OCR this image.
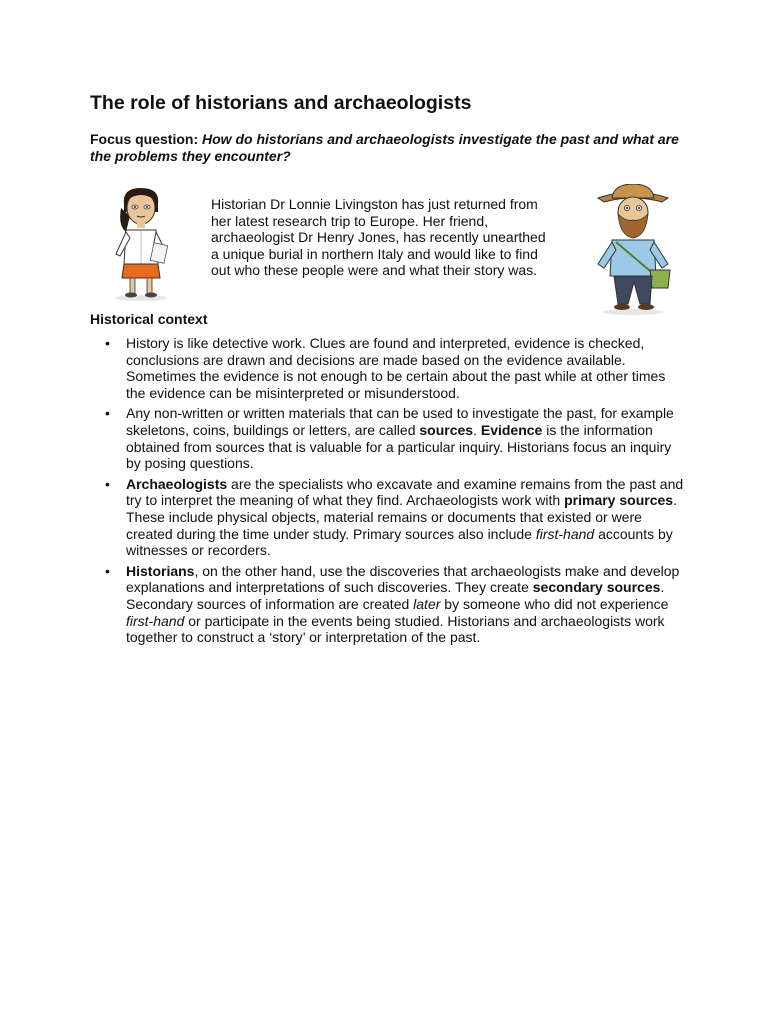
The role of historians and archaeologists

Focus question: How do historians and archaeologists investigate the past and what are
the problems they encounter?

Historian Dr Lonnie Livingston has just returned from
her latest research trip to Europe. Her friend,
archaeologist Dr Henry Jones, has recently unearthed
a unique burial in northern Italy and would like to find
out who these people were and what their story was.

Historical context
• History is like detective work. Clues are found and interpreted, evidence is checked,
conclusions are drawn and decisions are made based on the evidence available.
Sometimes the evidence is not enough to be certain about the past while at other times
the evidence can be misinterpreted or misunderstood.
• Any non-written or written materials that can be used to investigate the past, for example
skeletons, coins, buildings or letters, are called sources. Evidence is the information
obtained from sources that is valuable for a particular inquiry. Historians focus an inquiry
by posing questions.
• Archaeologists are the specialists who excavate and examine remains from the past and
try to interpret the meaning of what they find. Archaeologists work with primary sources.
These include physical objects, material remains or documents that existed or were
created during the time under study. Primary sources also include first-hand accounts by
witnesses or recorders.
• Historians, on the other hand, use the discoveries that archaeologists make and develop
explanations and interpretations of such discoveries. They create secondary sources.
Secondary sources of information are created later by someone who did not experience
first-hand or participate in the events being studied. Historians and archaeologists work
together to construct a ‘story’ or interpretation of the past.
